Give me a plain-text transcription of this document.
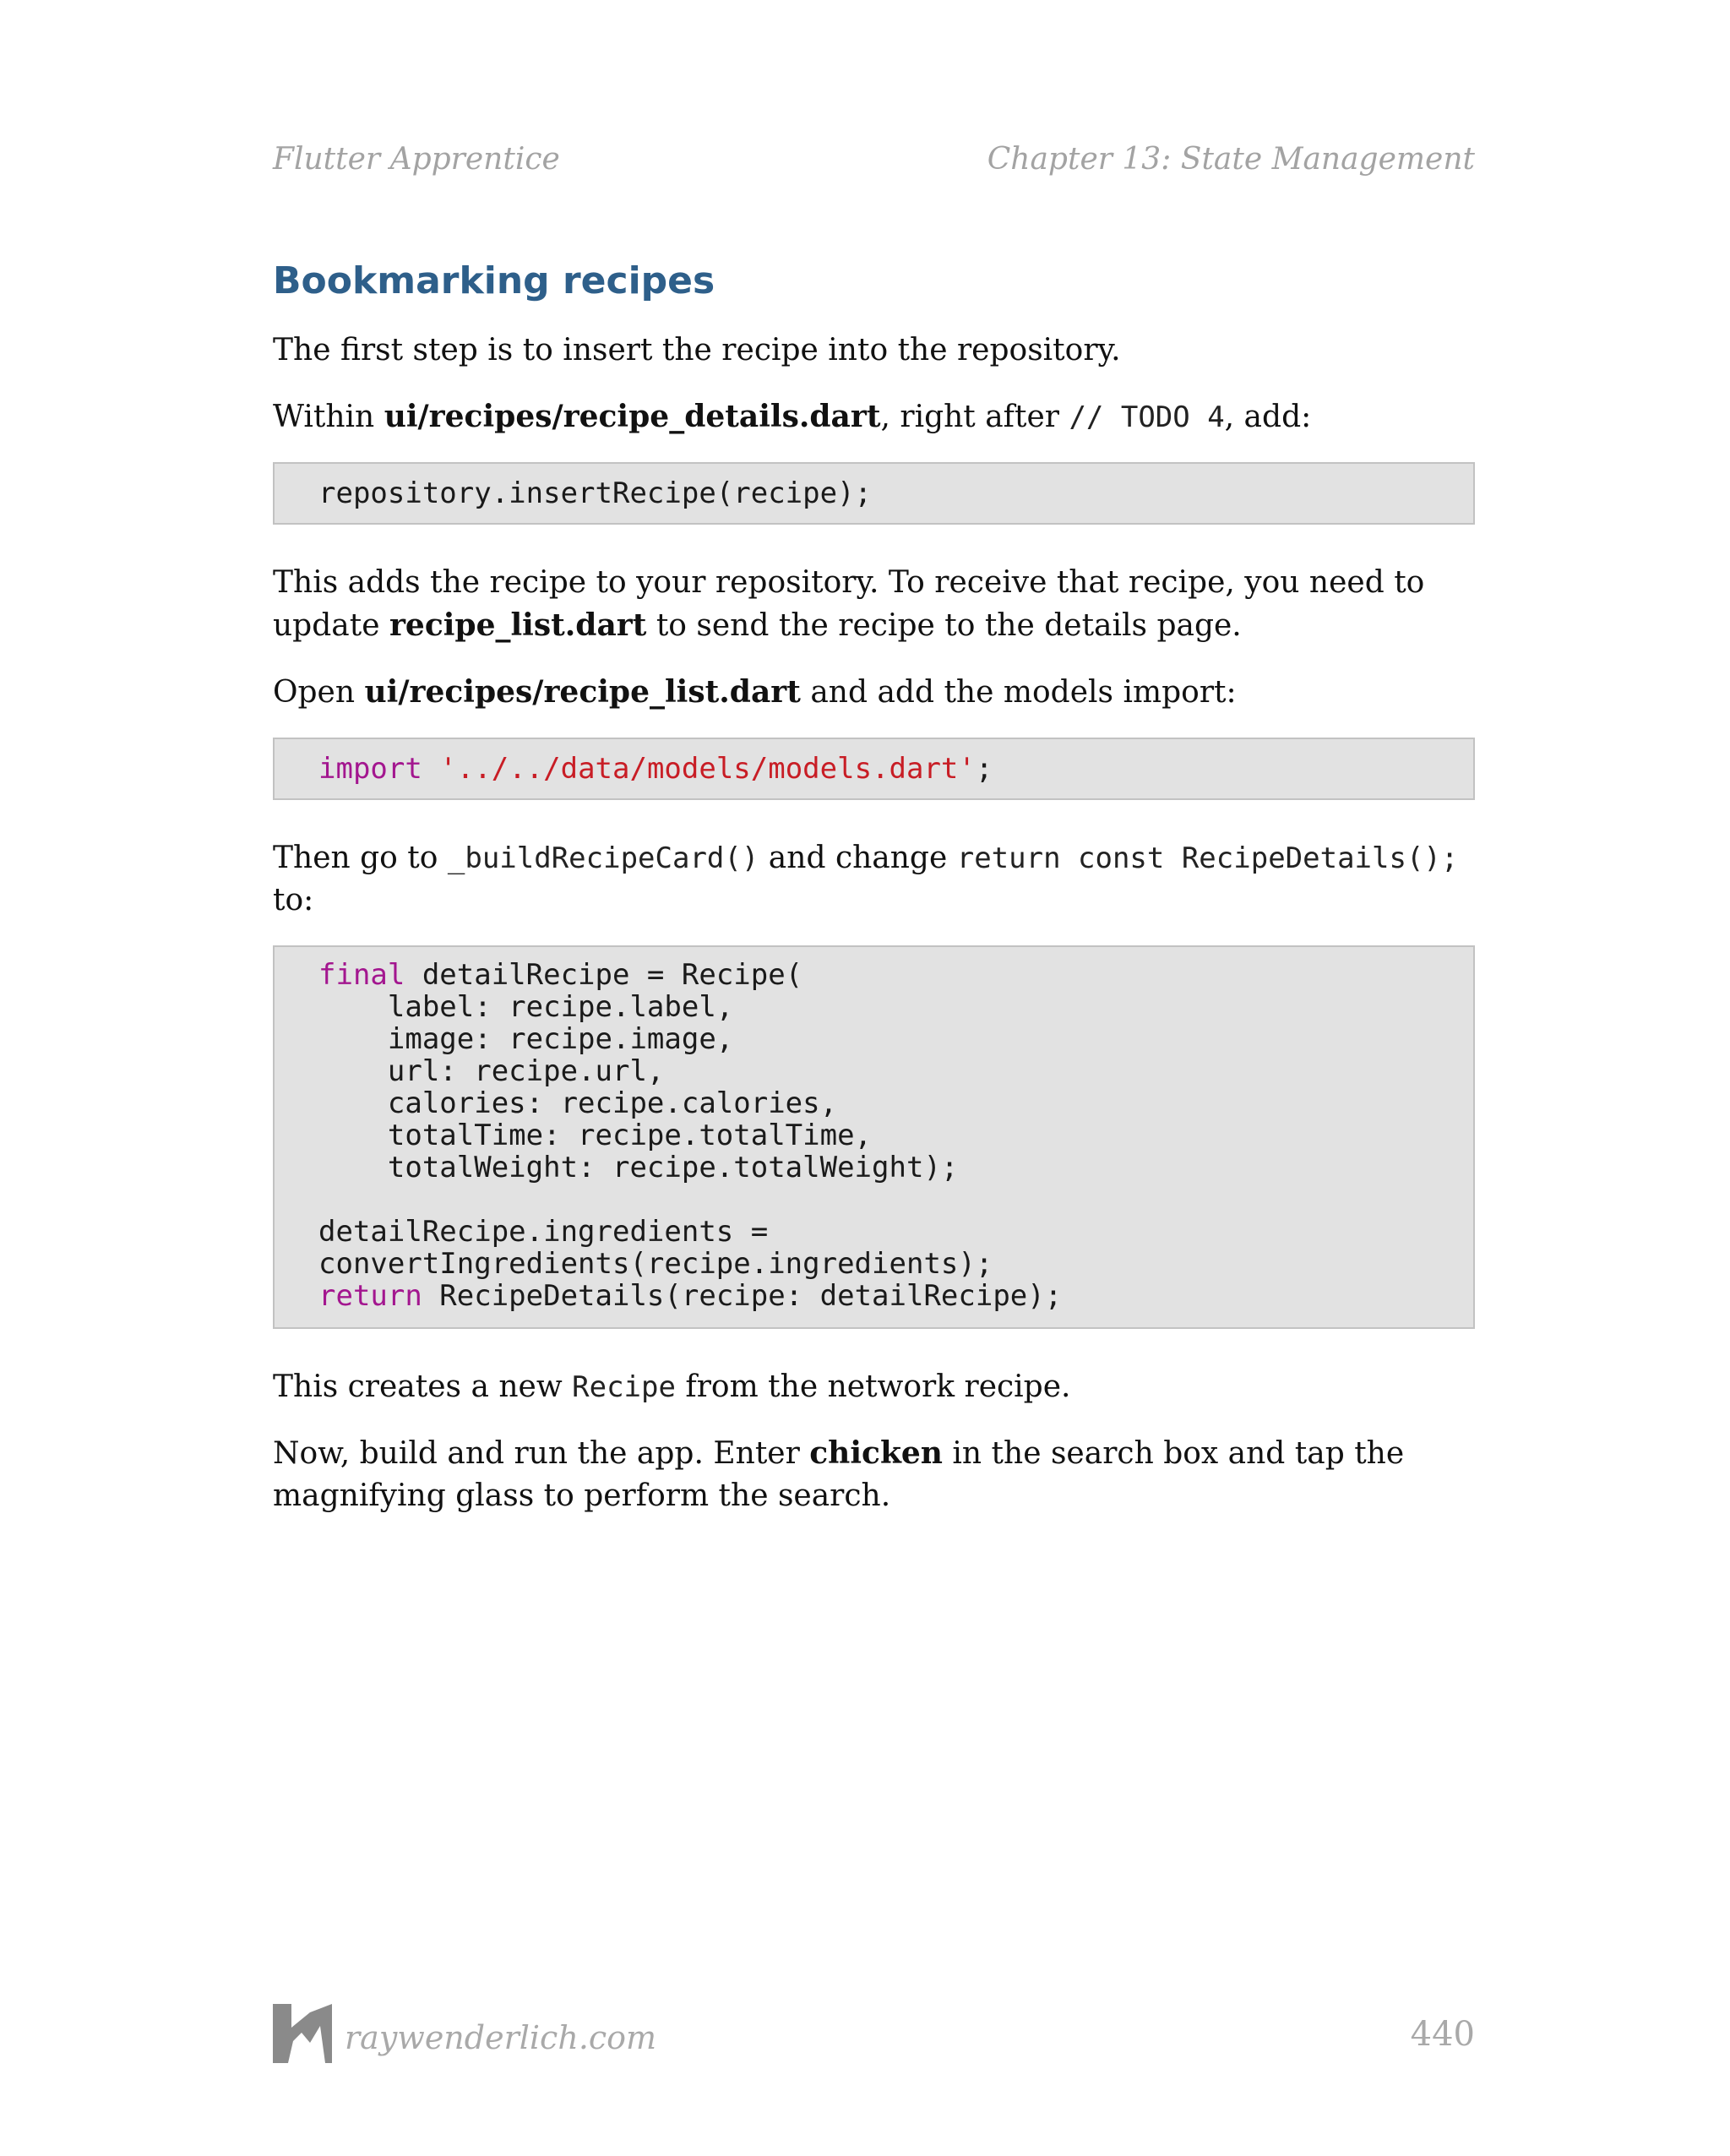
Flutter Apprentice	Chapter 13: State Management
Bookmarking recipes

The first step is to insert the recipe into the repository.

Within ui/recipes/recipe_details.dart, right after // TODO 4, add:

repository.insertRecipe(recipe);

This adds the recipe to your repository. To receive that recipe, you need to update recipe_list.dart to send the recipe to the details page.

Open ui/recipes/recipe_list.dart and add the models import:

import '../../data/models/models.dart';

Then go to _buildRecipeCard() and change return const RecipeDetails(); to:

final detailRecipe = Recipe(
label: recipe.label,
image: recipe.image,
url: recipe.url,
calories: recipe.calories,
totalTime: recipe.totalTime,
totalWeight: recipe.totalWeight);
detailRecipe.ingredients =
convertIngredients(recipe.ingredients);
return RecipeDetails(recipe: detailRecipe);

This creates a new Recipe from the network recipe.

Now, build and run the app. Enter chicken in the search box and tap the magnifying glass to perform the search.

raywenderlich.com	440
